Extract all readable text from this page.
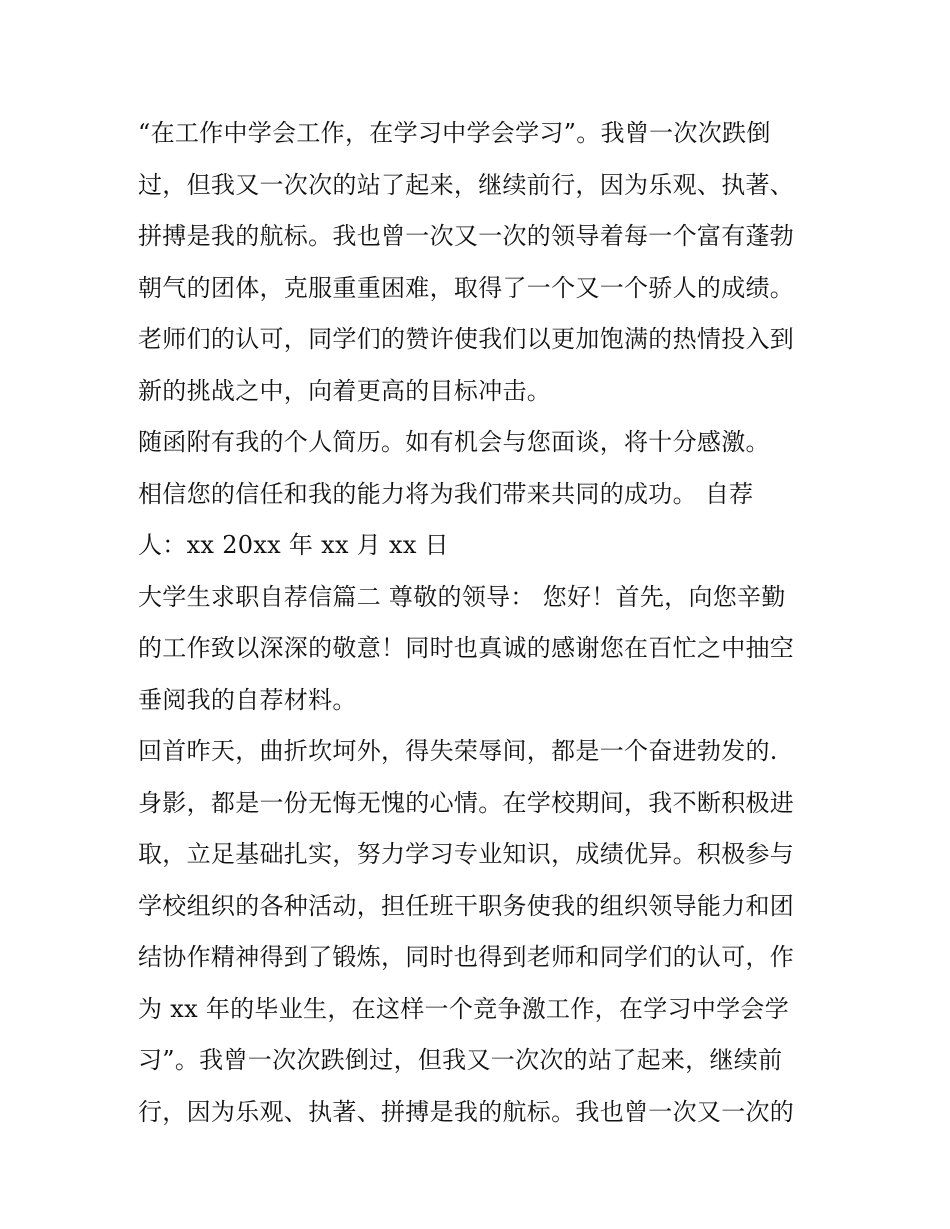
“在工作中学会工作，在学习中学会学习”。我曾一次次跌倒
过，但我又一次次的站了起来，继续前行，因为乐观、执著、
拼搏是我的航标。我也曾一次又一次的领导着每一个富有蓬勃
朝气的团体，克服重重困难，取得了一个又一个骄人的成绩。
老师们的认可，同学们的赞许使我们以更加饱满的热情投入到
新的挑战之中，向着更高的目标冲击。
随函附有我的个人简历。如有机会与您面谈，将十分感激。
相信您的信任和我的能力将为我们带来共同的成功。 自荐
人：xx 20xx 年 xx 月 xx 日
大学生求职自荐信篇二 尊敬的领导： 您好！首先，向您辛勤
的工作致以深深的敬意！同时也真诚的感谢您在百忙之中抽空
垂阅我的自荐材料。
回首昨天，曲折坎坷外，得失荣辱间，都是一个奋进勃发的.
身影，都是一份无悔无愧的心情。在学校期间，我不断积极进
取，立足基础扎实，努力学习专业知识，成绩优异。积极参与
学校组织的各种活动，担任班干职务使我的组织领导能力和团
结协作精神得到了锻炼，同时也得到老师和同学们的认可，作
为 xx 年的毕业生，在这样一个竞争激工作，在学习中学会学
习”。我曾一次次跌倒过，但我又一次次的站了起来，继续前
行，因为乐观、执著、拼搏是我的航标。我也曾一次又一次的
